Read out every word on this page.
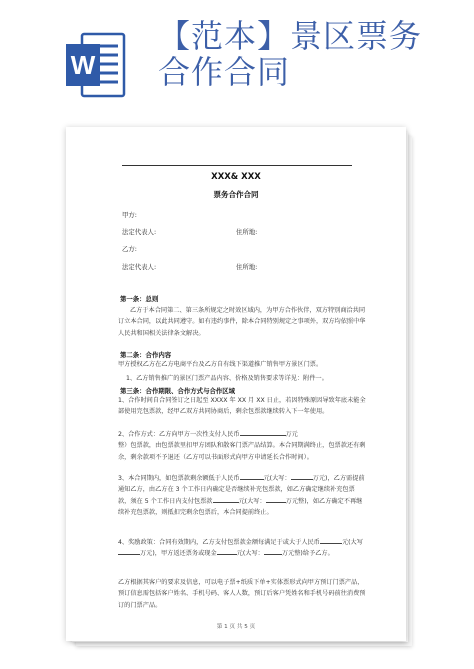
W
【范本】景区票务
合作合同
XXX& XXX
票务合作合同
甲方:
法定代表人:	住所地:
乙方:
法定代表人:	住所地:
第一条：总则
乙方于本合同第二、第三条所规定之时效区域内，为甲方合作伙伴，双方特别商洽共同订立本合同，以此共同遵守。如有违约事件，除本合同特别规定之事项外，双方均依照中华人民共和国相关法律条文解决。
第二条：合作内容
甲方授权乙方在乙方电商平台及乙方自有线下渠道推广销售甲方景区门票。
1、乙方销售推广的景区门票产品内容、价格及销售要求等详见：附件一。
第三条：合作期限、合作方式与合作区域
1、合作时间自合同签订之日起至 XXXX 年 XX 月 XX 日止，若因特殊原因导致年底未能全部使用完包票款，经甲乙双方共同协商后，剩余包票款继续转入下一年使用。
2、合作方式：乙方向甲方一次性支付人民币	万元
整）包票款，由包票款里扣甲方团队和散客门票产品结算。本合同期满终止，包票款还有剩余，剩余款项不予退还（乙方可以书面形式向甲方申请延长合作时间）。
3、本合同期内，如包票款剩余额低于人民币	元(大写：	万元)，乙方需提前通知乙方，由乙方在 3 个工作日内确定是否继续补充包票款，如乙方确定继续补充包票款，须在 5 个工作日内支付包票款	元(大写：	万元整)，如乙方确定不再继续补充包票款，则抵扣完剩余包票后，本合同提前终止。
4、奖励政策：合同有效期内，乙方支付包票款金额每满足于或大于人民币	元(大写万元)，甲方返还票务或现金	元(大写：	万元整)给予乙方。
乙方根据其客户的要求及信息，可以电子票+纸质下单+实体票形式向甲方预订门票产品，预订信息需包括客户姓名、手机号码、客人人数，预订后客户凭姓名和手机号码前往消费预订的门票产品。
第 1 页 共 5 页
